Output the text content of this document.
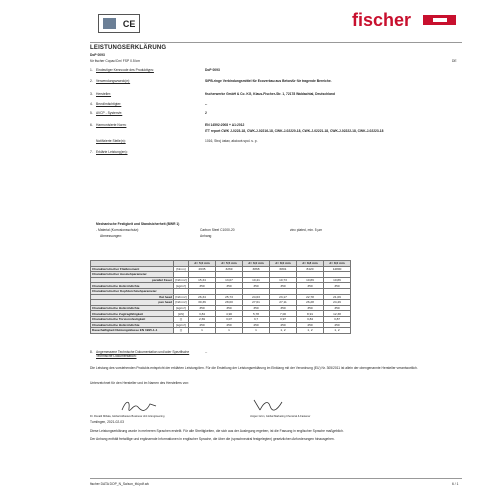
CE	fischer
LEISTUNGSERKLÄRUNG
DoP 0093
für fischer Copac/Cm/ FSP 0.5 km	DE
1. Eindeutiger Kenncode des Produkttyps:	DoP 0093
2. Verwendungszweck(e):	SiPB-ringe Verbindungsmittel für Ecoverbau aus Beton/ür für tragende Bereiche.
3. Hersteller:	fischerwerke GmbH & Co. KG, Klaus-Fischer-Str. 1, 72178 Waldachtal, Deutschland
4. Bevollmächtigter:	--
5. AVCP - System/e:	2
6. Harmonisierte Norm:	EN 14592:2008 + A1:2012
ITT report CWK J-0223-18, CWK-J-02216-18, CWK-J-02220-18, CWK-J-02221-18, CWK-J-02222-18, CWK-J-02223-18
Notifizierte Stelle(n):	1016, Stroj ústav, akciová spol. s. p.
7. Erklärte Leistung(en):
Mechanische Festigkeit und Standsicherheit (BWR 1)
- Material (Korrosionsschutz):	Carbon Steel C1000-20	zinc plated, min. 5 µm
Abmessungen:	Anhang
		d= 5,0 mm	d= 5,5 mm	d= 6,0 mm	d= 8,0 mm	d= 8,8 mm	d= 8,0 mm
Charakteristischer Fließmoment	[Nmm]	2635	3269	3868	6801	8420	14800
Charakteristischer Ausziehparameter							
parallel Faser	[N/mm²]	15,34	13,07	10,41	10,73	10,89	10,86
Charakteristische Holzrohdichte	[kg/m³]	350	350	350	350	350	350
Charakteristischer Kopfdurchziehparameter							
flat head	[N/mm²]	26,34	25,73	24,63	23,17	22,78	21,09
pan head	[N/mm²]	30,36	28,00	27,61	27,11	26,28	24,49
Charakteristische Holzrohdichte	[kg/m³]	350	350	350	350	350	350
Charakteristische Zugtragfähigkeit	[kN]	3,84	4,90	5,78	7,00	8,91	12,38
Charakteristische Torsionsfestigkeit	[ ]	2,69	3,07	3,7	3,97	3,84	3,87
Charakteristische Holzrohdichte	[kg/m³]	450	450	450	450	450	450
Dauerhaftigkeit Nutzungsklasse EN 1995-1-1	[ ]	1	1	1	1, 2	1, 2	1, 2
8. Angemessene Technische Dokumentation und/oder Spezifische Technische Dokumentation:
--
Die Leistung des vorstehenden Produkts entspricht der erklärten Leistung/den. Für die Erstellung der Leistungserklärung im Einklang mit der Verordnung (EU) Nr. 305/2011 ist allein der obengenannte Hersteller verantwortlich.
Unterzeichnet für den Hersteller und im Namen des Herstellers von:
Dr. Ronald Mihala, Global Adhesive Business Unit & Engineering	Jürgen Grün, Global Marketing Chemical & Fastener
Tumlingen, 2021-02-03
Diese Leistungserklärung wurde in mehreren Sprachen erstellt. Für alle Streitigkeiten, die sich aus der Auslegung ergeben, ist die Fassung in englischer Sprache maßgeblich.
Der Anhang enthält freiwillige und ergänzende Informationen in englischer Sprache, die über die (sprachneutral festgelegten) gesetzlichen Anforderungen hinausgehen.
fischer DATA DOP_N_Sa/scn_tfd.pdf.wk	6 / 1
